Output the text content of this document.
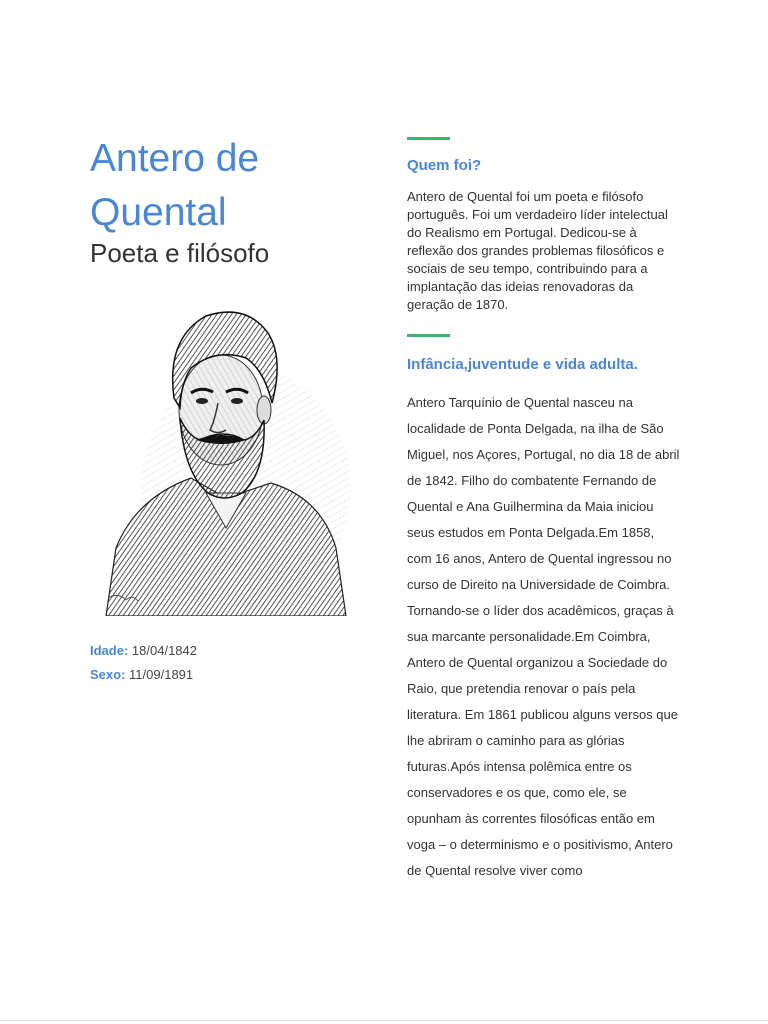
Antero de Quental

Poeta e filósofo

Idade: 18/04/1842
Sexo: 11/09/1891
Quem foi?

Antero de Quental foi um poeta e filósofo português. Foi um verdadeiro líder intelectual do Realismo em Portugal. Dedicou-se à reflexão dos grandes problemas filosóficos e sociais de seu tempo, contribuindo para a implantação das ideias renovadoras da geração de 1870.

Infância,juventude e vida adulta.

Antero Tarquínio de Quental nasceu na localidade de Ponta Delgada, na ilha de São Miguel, nos Açores, Portugal, no dia 18 de abril de 1842. Filho do combatente Fernando de Quental e Ana Guilhermina da Maia iniciou seus estudos em Ponta Delgada.Em 1858, com 16 anos, Antero de Quental ingressou no curso de Direito na Universidade de Coimbra. Tornando-se o líder dos acadêmicos, graças à sua marcante personalidade.Em Coimbra, Antero de Quental organizou a Sociedade do Raio, que pretendia renovar o país pela literatura. Em 1861 publicou alguns versos que lhe abriram o caminho para as glórias futuras.Após intensa polêmica entre os conservadores e os que, como ele, se opunham às correntes filosóficas então em voga – o determinismo e o positivismo, Antero de Quental resolve viver como
